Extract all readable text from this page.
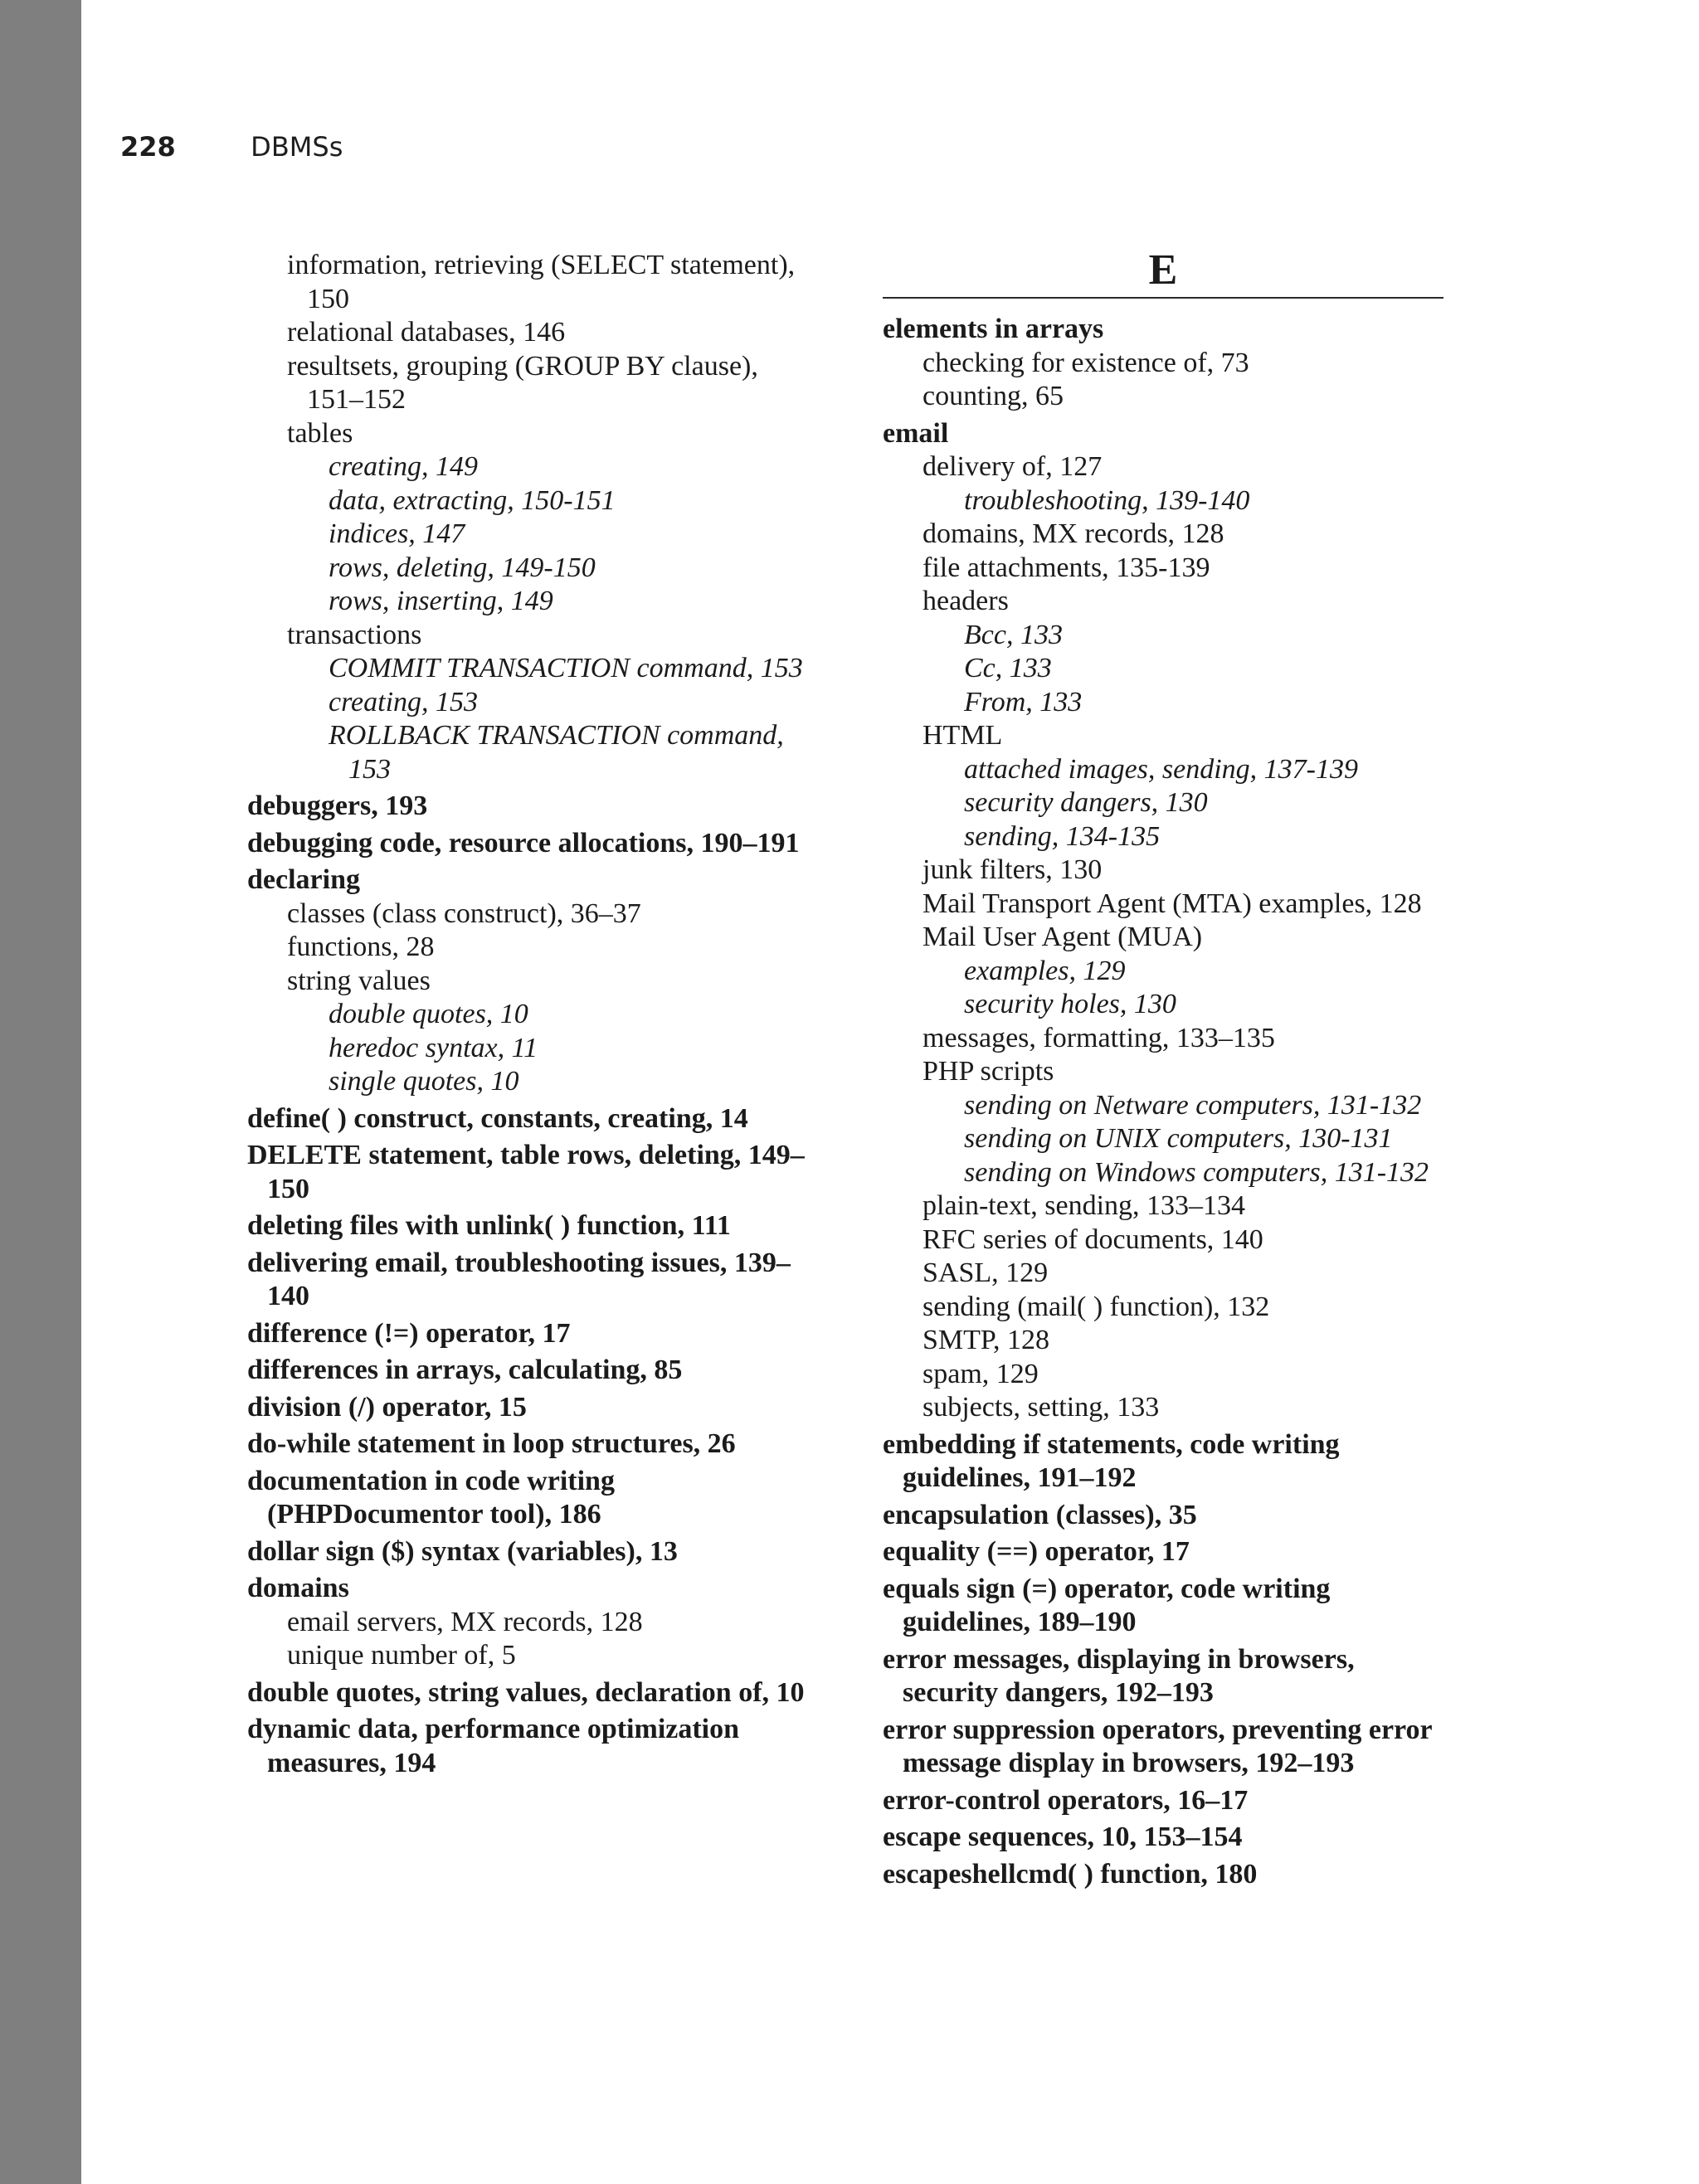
228	DBMSs
information, retrieving (SELECT statement), 150
relational databases, 146
resultsets, grouping (GROUP BY clause), 151–152
tables
creating, 149
data, extracting, 150-151
indices, 147
rows, deleting, 149-150
rows, inserting, 149
transactions
COMMIT TRANSACTION command, 153
creating, 153
ROLLBACK TRANSACTION command, 153
debuggers, 193
debugging code, resource allocations, 190–191
declaring
classes (class construct), 36–37
functions, 28
string values
double quotes, 10
heredoc syntax, 11
single quotes, 10
define( ) construct, constants, creating, 14
DELETE statement, table rows, deleting, 149–150
deleting files with unlink( ) function, 111
delivering email, troubleshooting issues, 139–140
difference (!=) operator, 17
differences in arrays, calculating, 85
division (/) operator, 15
do-while statement in loop structures, 26
documentation in code writing (PHPDocumentor tool), 186
dollar sign ($) syntax (variables), 13
domains
email servers, MX records, 128
unique number of, 5
double quotes, string values, declaration of, 10
dynamic data, performance optimization measures, 194
E
elements in arrays
checking for existence of, 73
counting, 65
email
delivery of, 127
troubleshooting, 139-140
domains, MX records, 128
file attachments, 135-139
headers
Bcc, 133
Cc, 133
From, 133
HTML
attached images, sending, 137-139
security dangers, 130
sending, 134-135
junk filters, 130
Mail Transport Agent (MTA) examples, 128
Mail User Agent (MUA)
examples, 129
security holes, 130
messages, formatting, 133–135
PHP scripts
sending on Netware computers, 131-132
sending on UNIX computers, 130-131
sending on Windows computers, 131-132
plain-text, sending, 133–134
RFC series of documents, 140
SASL, 129
sending (mail( ) function), 132
SMTP, 128
spam, 129
subjects, setting, 133
embedding if statements, code writing guidelines, 191–192
encapsulation (classes), 35
equality (==) operator, 17
equals sign (=) operator, code writing guidelines, 189–190
error messages, displaying in browsers, security dangers, 192–193
error suppression operators, preventing error message display in browsers, 192–193
error-control operators, 16–17
escape sequences, 10, 153–154
escapeshellcmd( ) function, 180
